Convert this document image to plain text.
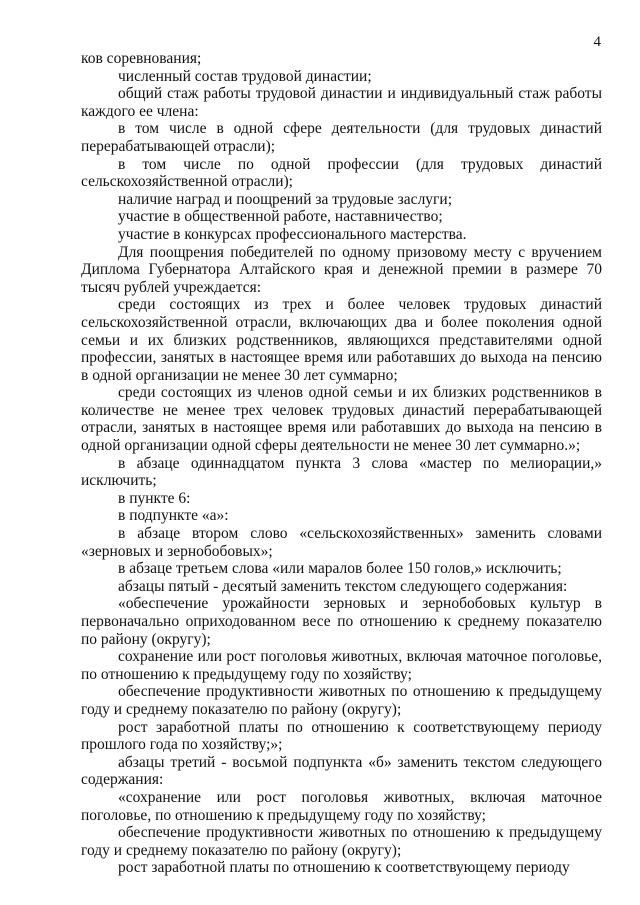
4

ков соревнования;

численный состав трудовой династии;

общий стаж работы трудовой династии и индивидуальный стаж работы каждого ее члена:

в том числе в одной сфере деятельности (для трудовых династий перерабатывающей отрасли);

в том числе по одной профессии (для трудовых династий сельскохозяйственной отрасли);

наличие наград и поощрений за трудовые заслуги;

участие в общественной работе, наставничество;

участие в конкурсах профессионального мастерства.

Для поощрения победителей по одному призовому месту с вручением Диплома Губернатора Алтайского края и денежной премии в размере 70 тысяч рублей учреждается:

среди состоящих из трех и более человек трудовых династий сельскохозяйственной отрасли, включающих два и более поколения одной семьи и их близких родственников, являющихся представителями одной профессии, занятых в настоящее время или работавших до выхода на пенсию в одной организации не менее 30 лет суммарно;

среди состоящих из членов одной семьи и их близких родственников в количестве не менее трех человек трудовых династий перерабатывающей отрасли, занятых в настоящее время или работавших до выхода на пенсию в одной организации одной сферы деятельности не менее 30 лет суммарно.»;

в абзаце одиннадцатом пункта 3 слова «мастер по мелиорации,» исключить;

в пункте 6:

в подпункте «а»:

в абзаце втором слово «сельскохозяйственных» заменить словами «зерновых и зернобобовых»;

в абзаце третьем слова «или маралов более 150 голов,» исключить;

абзацы пятый - десятый заменить текстом следующего содержания:

«обеспечение урожайности зерновых и зернобобовых культур в первоначально оприходованном весе по отношению к среднему показателю по району (округу);

сохранение или рост поголовья животных, включая маточное поголовье, по отношению к предыдущему году по хозяйству;

обеспечение продуктивности животных по отношению к предыдущему году и среднему показателю по району (округу);

рост заработной платы по отношению к соответствующему периоду прошлого года по хозяйству;»;

абзацы третий - восьмой подпункта «б» заменить текстом следующего содержания:

«сохранение или рост поголовья животных, включая маточное поголовье, по отношению к предыдущему году по хозяйству;

обеспечение продуктивности животных по отношению к предыдущему году и среднему показателю по району (округу);

рост заработной платы по отношению к соответствующему периоду
